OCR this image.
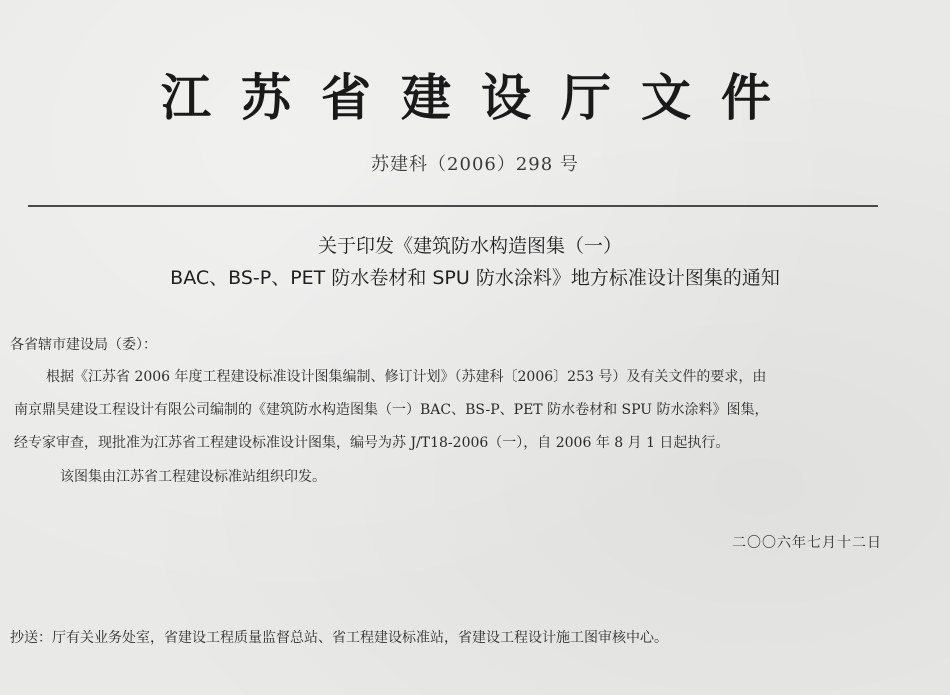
江苏省建设厅文件
苏建科（2006）298 号
关于印发《建筑防水构造图集（一）
BAC、BS-P、PET 防水卷材和 SPU 防水涂料》地方标准设计图集的通知
各省辖市建设局（委）：
根据《江苏省 2006 年度工程建设标准设计图集编制、修订计划》（苏建科〔2006〕253 号）及有关文件的要求，由
南京鼎昊建设工程设计有限公司编制的《建筑防水构造图集（一）BAC、BS-P、PET 防水卷材和 SPU 防水涂料》图集，
经专家审查，现批准为江苏省工程建设标准设计图集，编号为苏 J/T18-2006（一），自 2006 年 8 月 1 日起执行。
该图集由江苏省工程建设标准站组织印发。
二〇〇六年七月十二日
抄送：厅有关业务处室，省建设工程质量监督总站、省工程建设标准站，省建设工程设计施工图审核中心。
